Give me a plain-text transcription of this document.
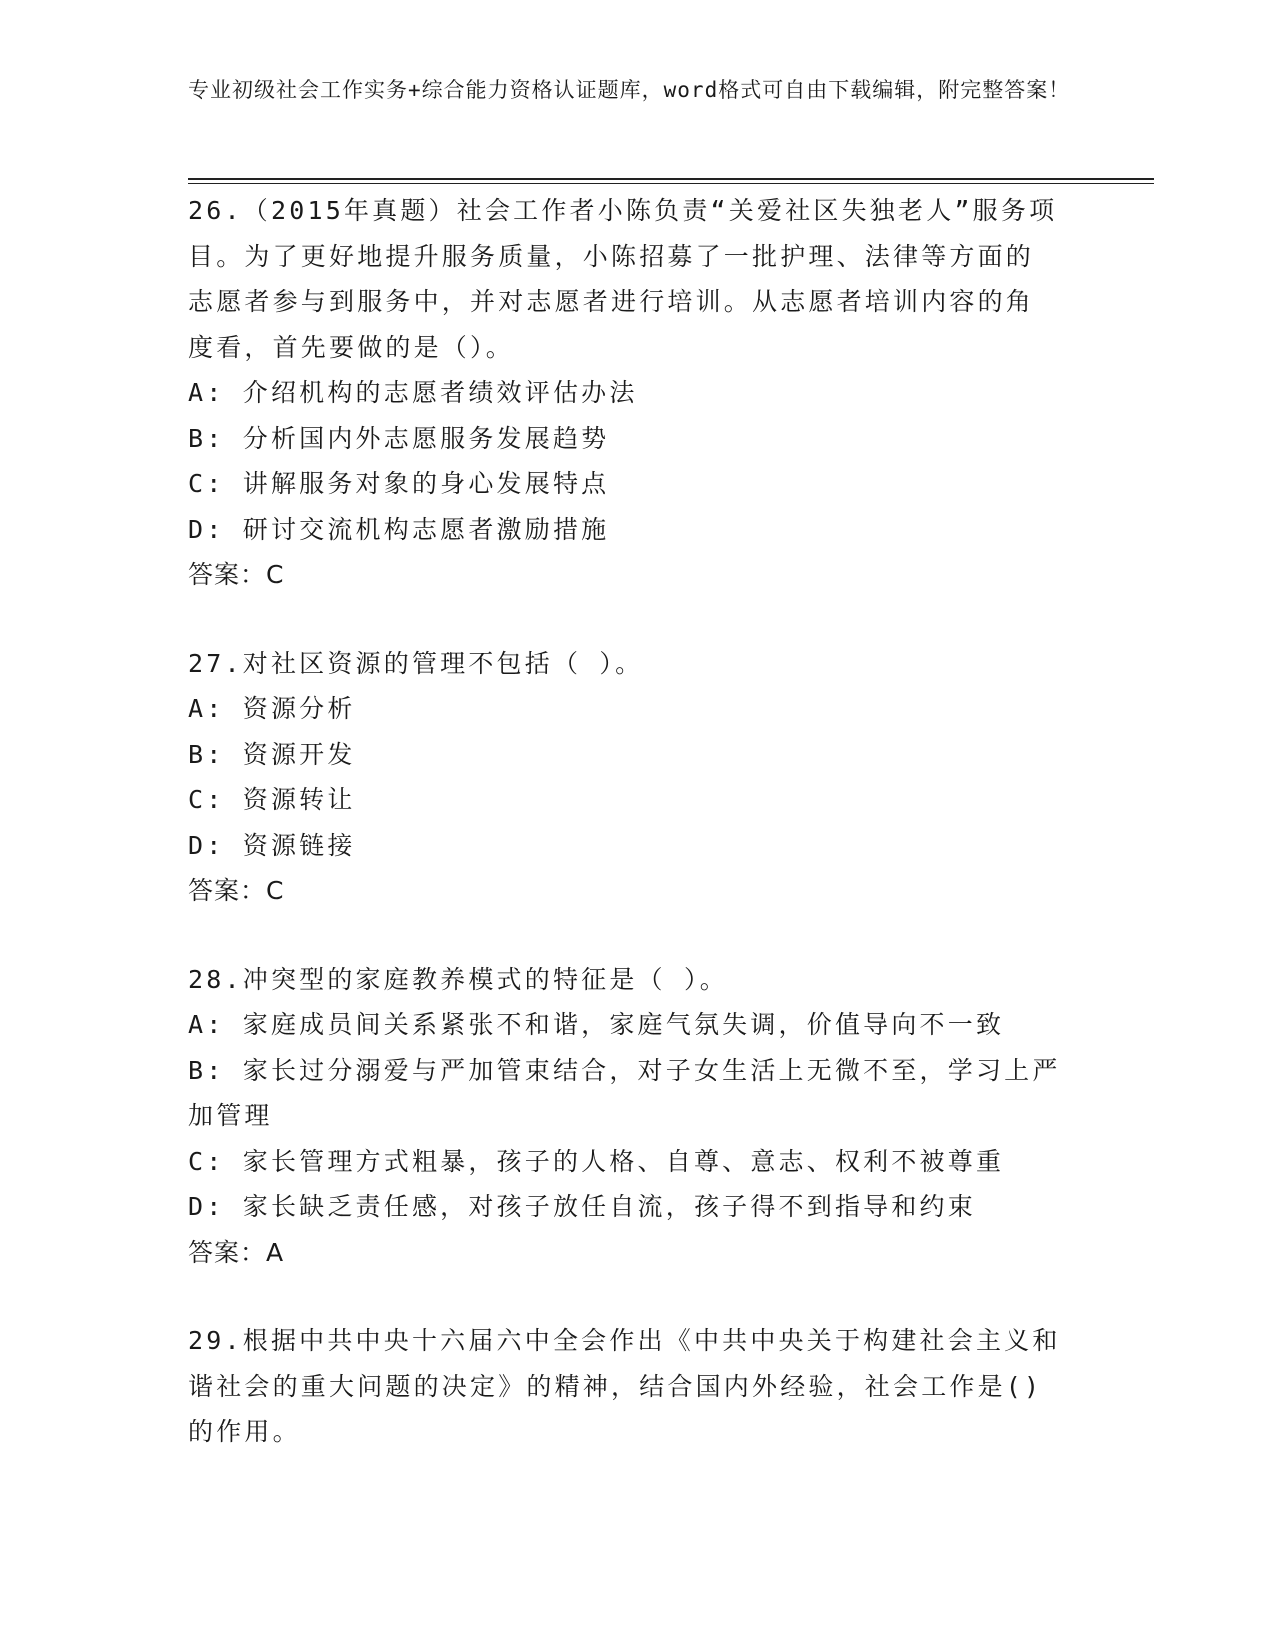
专业初级社会工作实务+综合能力资格认证题库，word格式可自由下载编辑，附完整答案！
26.（2015年真题）社会工作者小陈负责“关爱社区失独老人”服务项
目。为了更好地提升服务质量，小陈招募了一批护理、法律等方面的
志愿者参与到服务中，并对志愿者进行培训。从志愿者培训内容的角
度看，首先要做的是（）。
A: 介绍机构的志愿者绩效评估办法
B: 分析国内外志愿服务发展趋势
C: 讲解服务对象的身心发展特点
D: 研讨交流机构志愿者激励措施
答案：C
27.对社区资源的管理不包括（ ）。
A: 资源分析
B: 资源开发
C: 资源转让
D: 资源链接
答案：C
28.冲突型的家庭教养模式的特征是（ ）。
A: 家庭成员间关系紧张不和谐，家庭气氛失调，价值导向不一致
B: 家长过分溺爱与严加管束结合，对子女生活上无微不至，学习上严
加管理
C: 家长管理方式粗暴，孩子的人格、自尊、意志、权利不被尊重
D: 家长缺乏责任感，对孩子放任自流，孩子得不到指导和约束
答案：A
29.根据中共中央十六届六中全会作出《中共中央关于构建社会主义和
谐社会的重大问题的决定》的精神，结合国内外经验，社会工作是()
的作用。
